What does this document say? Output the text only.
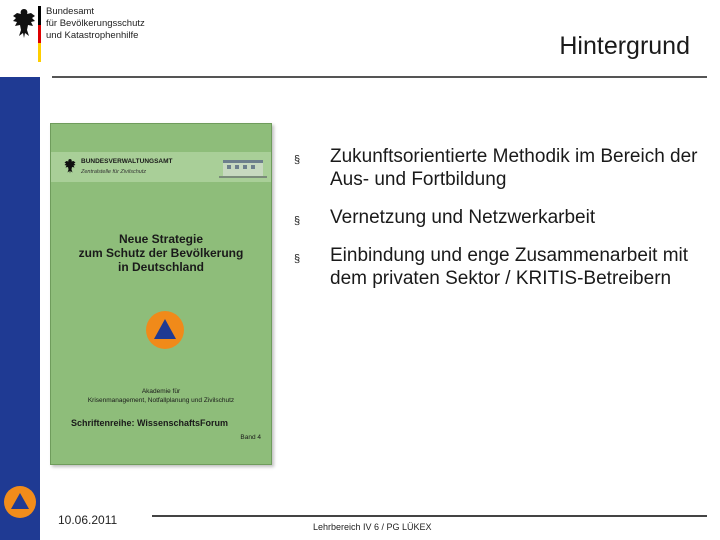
Bundesamt
für Bevölkerungsschutz
und Katastrophenhilfe	Hintergrund
BUNDESVERWALTUNGSAMT
Zentralstelle für Zivilschutz
Neue Strategie
zum Schutz der Bevölkerung
in Deutschland
Akademie für
Krisenmanagement, Notfallplanung und Zivilschutz
Schriftenreihe: WissenschaftsForum
Band 4
§ Zukunftsorientierte Methodik im Bereich der Aus- und Fortbildung
§ Vernetzung und Netzwerkarbeit
§ Einbindung und enge Zusammenarbeit mit dem privaten Sektor / KRITIS-Betreibern
10.06.2011	Lehrbereich IV 6 / PG LÜKEX
